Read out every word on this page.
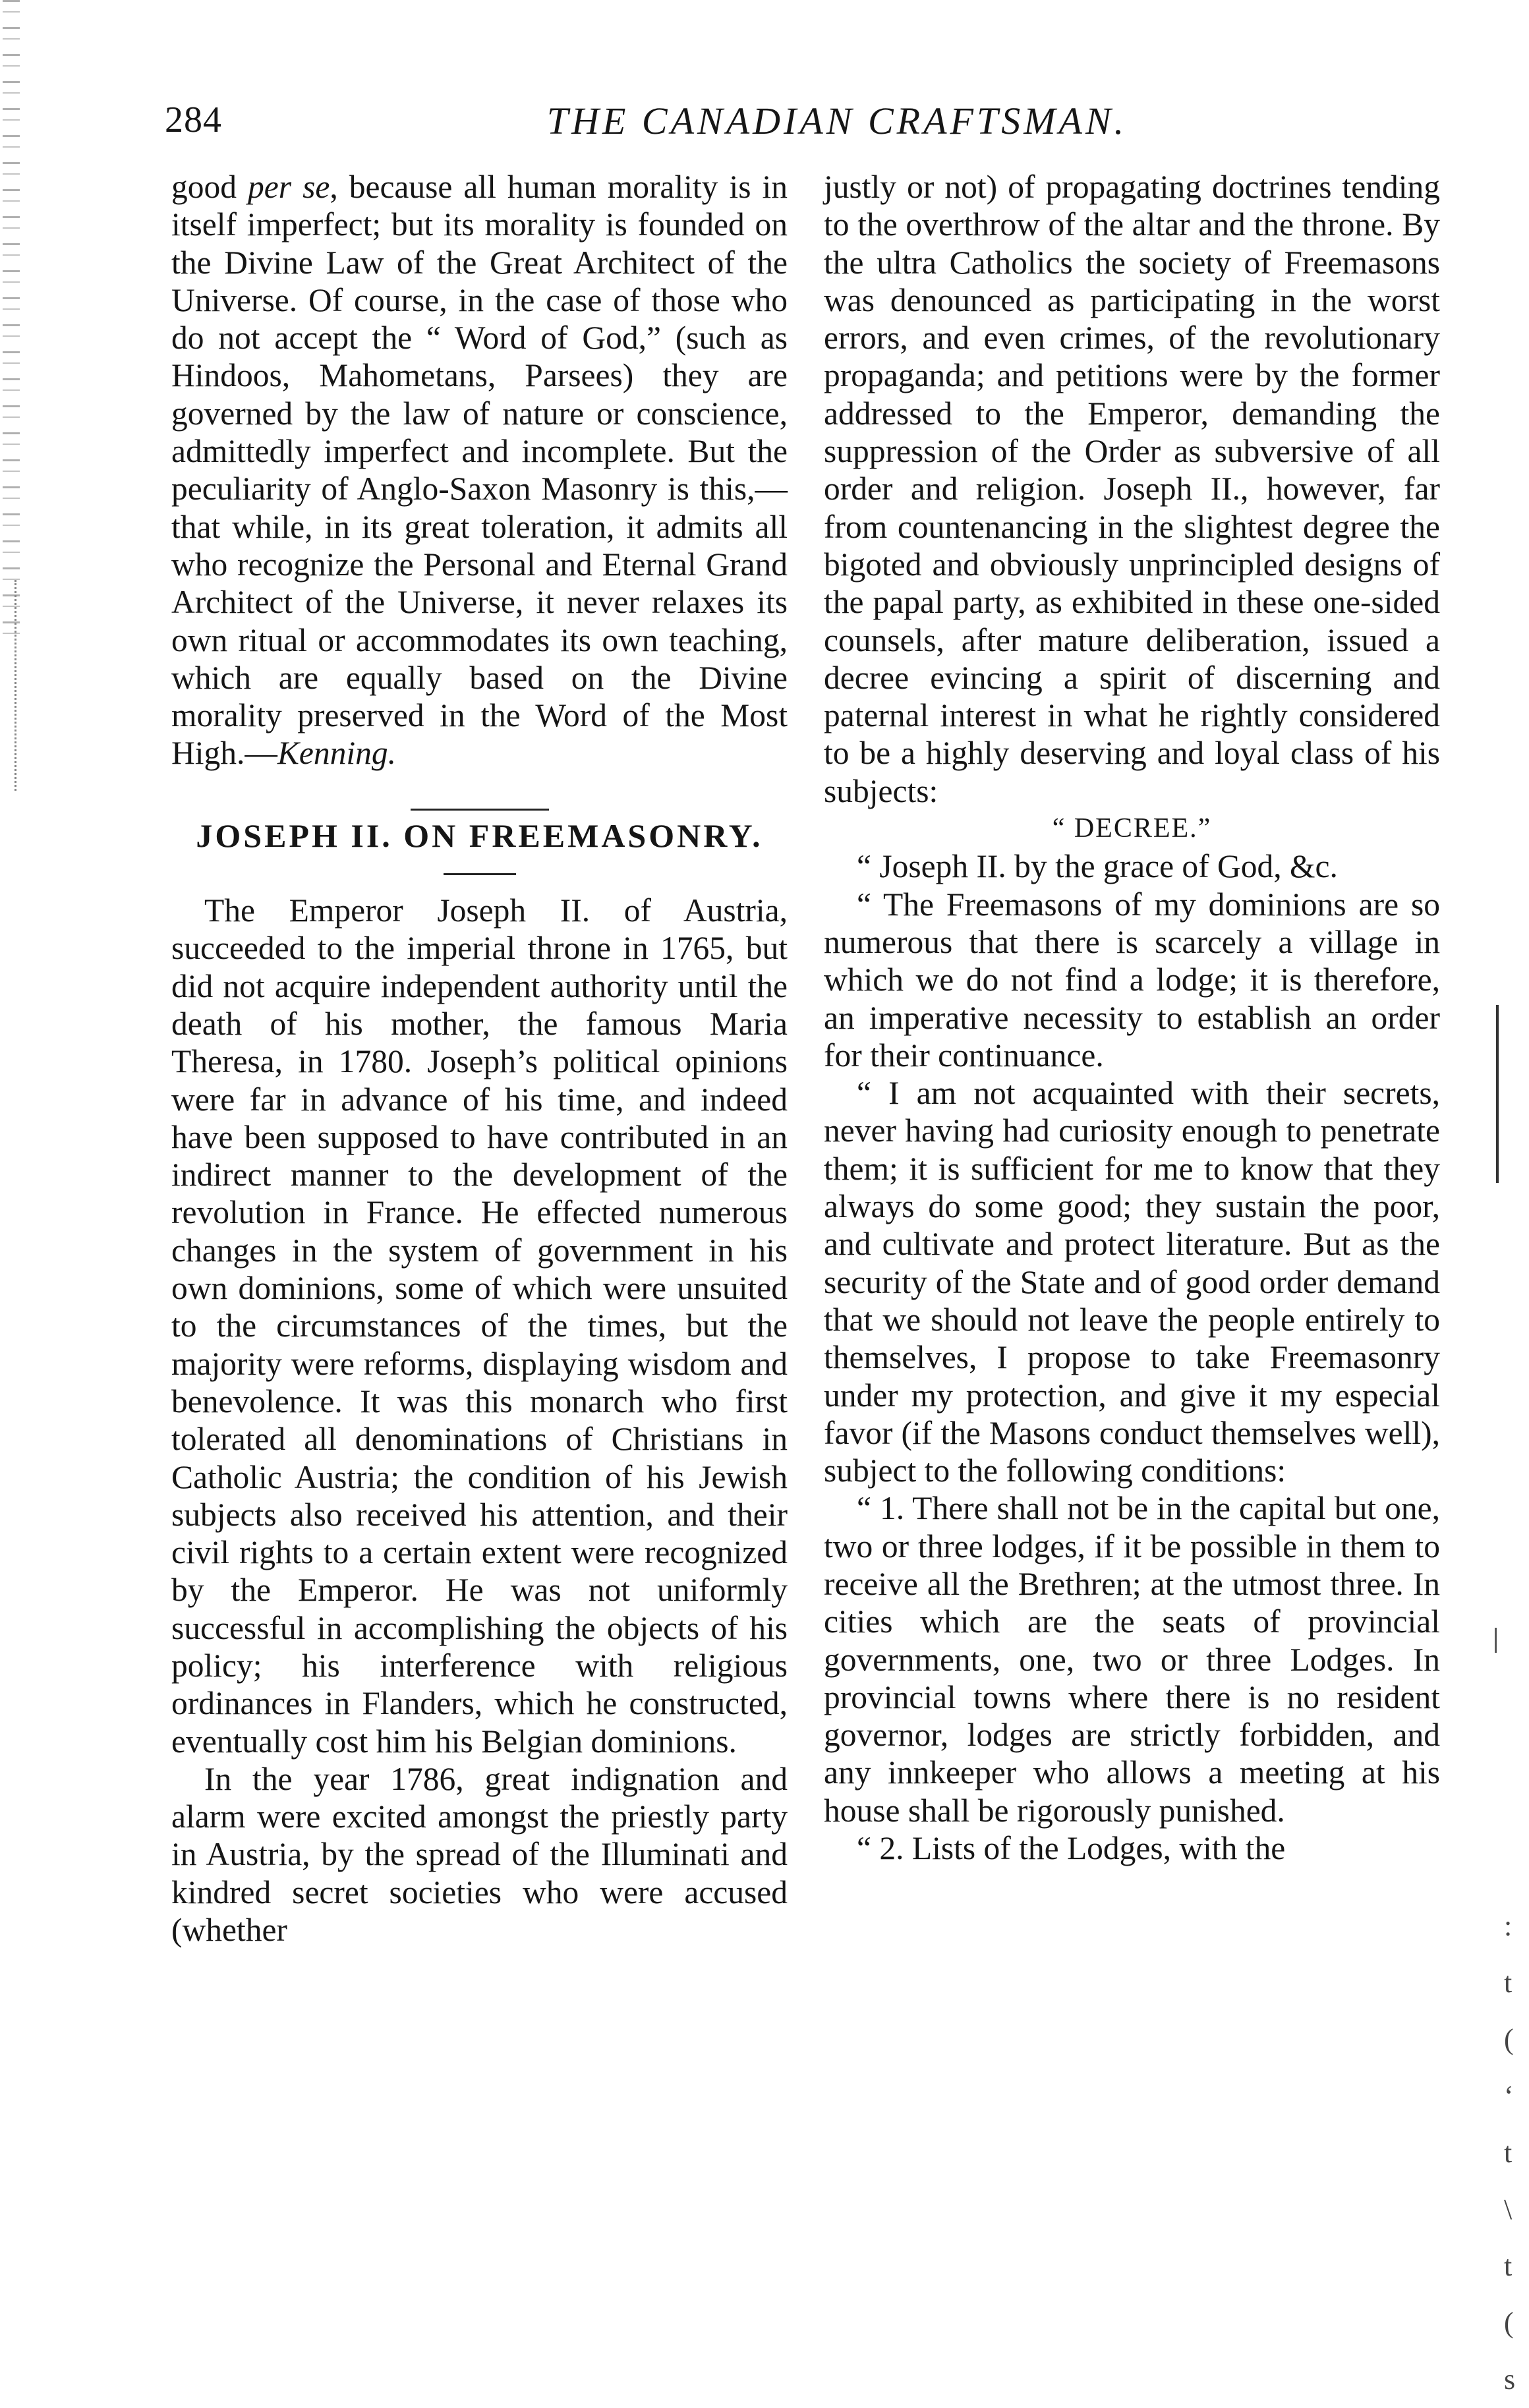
:
t
(
ʻ
t
\
t
(
s
284	THE CANADIAN CRAFTSMAN.

good per se, because all human morality is in itself imperfect; but its morality is founded on the Divine Law of the Great Architect of the Universe. Of course, in the case of those who do not accept the “ Word of God,” (such as Hindoos, Mahometans, Parsees) they are governed by the law of nature or conscience, admittedly imperfect and incomplete. But the peculiarity of Anglo-Saxon Masonry is this,—that while, in its great toleration, it admits all who recognize the Personal and Eternal Grand Architect of the Universe, it never relaxes its own ritual or accommodates its own teaching, which are equally based on the Divine morality preserved in the Word of the Most High.—Kenning.

JOSEPH II. ON FREEMASONRY.

The Emperor Joseph II. of Austria, succeeded to the imperial throne in 1765, but did not acquire independent authority until the death of his mother, the famous Maria Theresa, in 1780. Joseph’s political opinions were far in advance of his time, and indeed have been supposed to have contributed in an indirect manner to the development of the revolution in France. He effected numerous changes in the system of government in his own dominions, some of which were unsuited to the circumstances of the times, but the majority were reforms, displaying wisdom and benevolence. It was this monarch who first tolerated all denominations of Christians in Catholic Austria; the condition of his Jewish subjects also received his attention, and their civil rights to a certain extent were recognized by the Emperor. He was not uniformly successful in accomplishing the objects of his policy; his interference with religious ordinances in Flanders, which he constructed, eventually cost him his Belgian dominions.

In the year 1786, great indignation and alarm were excited amongst the priestly party in Austria, by the spread of the Illuminati and kindred secret societies who were accused (whether

justly or not) of propagating doctrines tending to the overthrow of the altar and the throne. By the ultra Catholics the society of Freemasons was denounced as participating in the worst errors, and even crimes, of the revolutionary propaganda; and petitions were by the former addressed to the Emperor, demanding the suppression of the Order as subversive of all order and religion. Joseph II., however, far from countenancing in the slightest degree the bigoted and obviously unprincipled designs of the papal party, as exhibited in these one-sided counsels, after mature deliberation, issued a decree evincing a spirit of discerning and paternal interest in what he rightly considered to be a highly deserving and loyal class of his subjects:

“ DECREE.”

“ Joseph II. by the grace of God, &c.

“ The Freemasons of my dominions are so numerous that there is scarcely a village in which we do not find a lodge; it is therefore, an imperative necessity to establish an order for their continuance.

“ I am not acquainted with their secrets, never having had curiosity enough to penetrate them; it is sufficient for me to know that they always do some good; they sustain the poor, and cultivate and protect literature. But as the security of the State and of good order demand that we should not leave the people entirely to themselves, I propose to take Freemasonry under my protection, and give it my especial favor (if the Masons conduct themselves well), subject to the following conditions:

“ 1. There shall not be in the capital but one, two or three lodges, if it be possible in them to receive all the Brethren; at the utmost three. In cities which are the seats of provincial governments, one, two or three Lodges. In provincial towns where there is no resident governor, lodges are strictly forbidden, and any innkeeper who allows a meeting at his house shall be rigorously punished.

“ 2. Lists of the Lodges, with the
